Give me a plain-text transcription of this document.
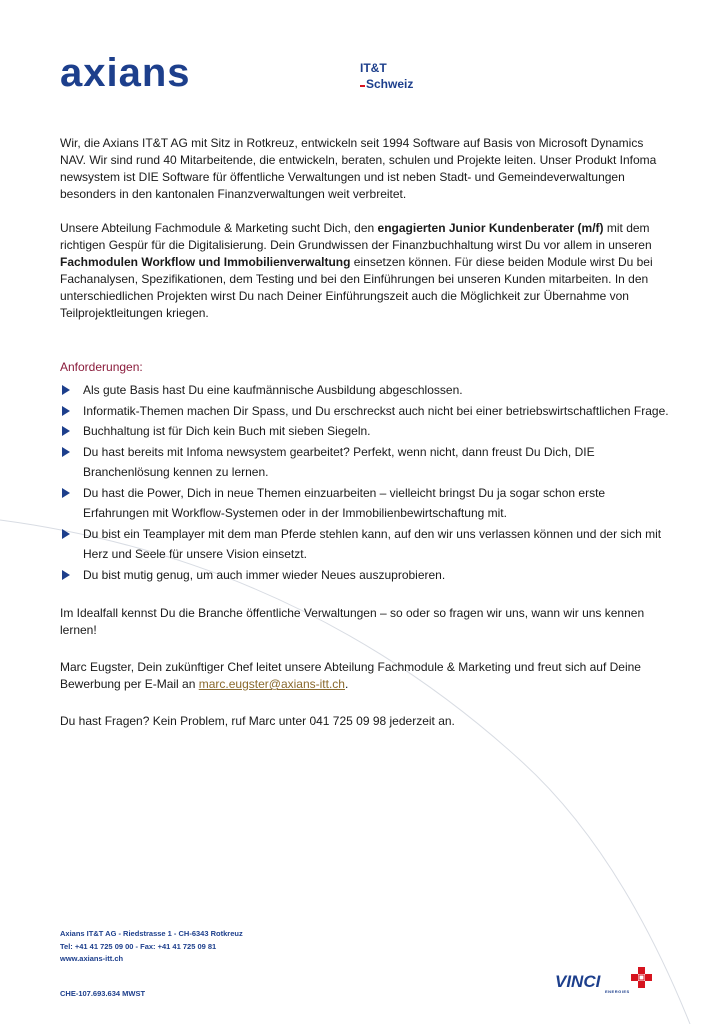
axians	IT&T
Schweiz

Wir, die Axians IT&T AG mit Sitz in Rotkreuz, entwickeln seit 1994 Software auf Basis von Microsoft Dynamics NAV. Wir sind rund 40 Mitarbeitende, die entwickeln, beraten, schulen und Projekte leiten. Unser Produkt Infoma newsystem ist DIE Software für öffentliche Verwaltungen und ist neben Stadt- und Gemeindeverwaltungen besonders in den kantonalen Finanzverwaltungen weit verbreitet.

Unsere Abteilung Fachmodule & Marketing sucht Dich, den engagierten Junior Kundenberater (m/f) mit dem richtigen Gespür für die Digitalisierung. Dein Grundwissen der Finanzbuchhaltung wirst Du vor allem in unseren Fachmodulen Workflow und Immobilienverwaltung einsetzen können. Für diese beiden Module wirst Du bei Fachanalysen, Spezifikationen, dem Testing und bei den Einführungen bei unseren Kunden mitarbeiten. In den unterschiedlichen Projekten wirst Du nach Deiner Einführungszeit auch die Möglichkeit zur Übernahme von Teilprojektleitungen kriegen.

Anforderungen:

Als gute Basis hast Du eine kaufmännische Ausbildung abgeschlossen.
Informatik-Themen machen Dir Spass, und Du erschreckst auch nicht bei einer betriebswirtschaftlichen Frage.
Buchhaltung ist für Dich kein Buch mit sieben Siegeln.
Du hast bereits mit Infoma newsystem gearbeitet? Perfekt, wenn nicht, dann freust Du Dich, DIE Branchenlösung kennen zu lernen.
Du hast die Power, Dich in neue Themen einzuarbeiten – vielleicht bringst Du ja sogar schon erste Erfahrungen mit Workflow-Systemen oder in der Immobilienbewirtschaftung mit.
Du bist ein Teamplayer mit dem man Pferde stehlen kann, auf den wir uns verlassen können und der sich mit Herz und Seele für unsere Vision einsetzt.
Du bist mutig genug, um auch immer wieder Neues auszuprobieren.

Im Idealfall kennst Du die Branche öffentliche Verwaltungen – so oder so fragen wir uns, wann wir uns kennen lernen!

Marc Eugster, Dein zukünftiger Chef leitet unsere Abteilung Fachmodule & Marketing und freut sich auf Deine Bewerbung per E-Mail an marc.eugster@axians-itt.ch.

Du hast Fragen? Kein Problem, ruf Marc unter 041 725 09 98 jederzeit an.

Axians IT&T AG - Riedstrasse 1 - CH-6343 Rotkreuz
Tel: +41 41 725 09 00 - Fax: +41 41 725 09 81
www.axians-itt.ch
CHE-107.693.634 MWST
VINCI
ENERGIES
